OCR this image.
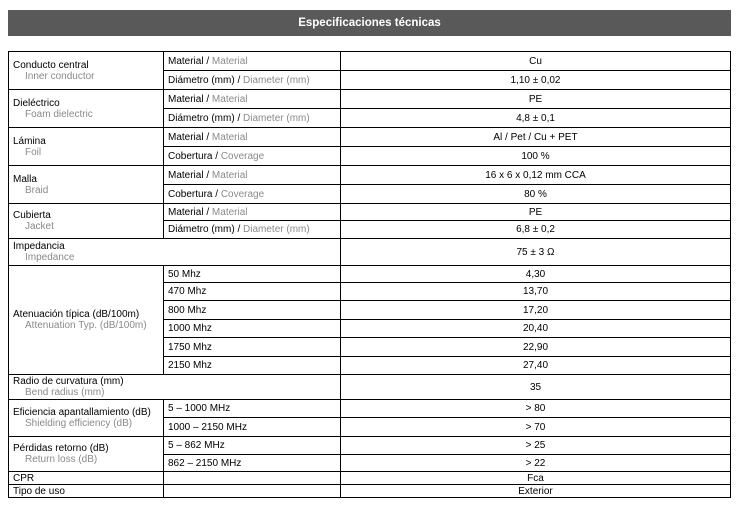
Especificaciones técnicas
Conducto central
Inner conductor	Material / Material	Cu
	Diámetro (mm) / Diameter (mm)	1,10 ± 0,02

Dieléctrico
Foam dielectric	Material / Material	PE
	Diámetro (mm) / Diameter (mm)	4,8 ± 0,1

Lámina
Foil	Material / Material	Al / Pet / Cu + PET
	Cobertura / Coverage	100 %

Malla
Braid	Material / Material	16 x 6 x 0,12 mm CCA
	Cobertura / Coverage	80 %

Cubierta
Jacket	Material / Material	PE
	Diámetro (mm) / Diameter (mm)	6,8 ± 0,2

Impedancia
Impedance		75 ± 3 Ω

Atenuación típica (dB/100m)
Attenuation Typ. (dB/100m)	50 Mhz	4,30
	470 Mhz	13,70
	800 Mhz	17,20
	1000 Mhz	20,40
	1750 Mhz	22,90
	2150 Mhz	27,40

Radio de curvatura (mm)
Bend radius (mm)		35

Eficiencia apantallamiento (dB)
Shielding efficiency (dB)	5 – 1000 MHz	> 80
	1000 – 2150 MHz	> 70

Pérdidas retorno (dB)
Return loss (dB)	5 – 862 MHz	> 25
	862 – 2150 MHz	> 22
CPR		Fca
Tipo de uso		Exterior
